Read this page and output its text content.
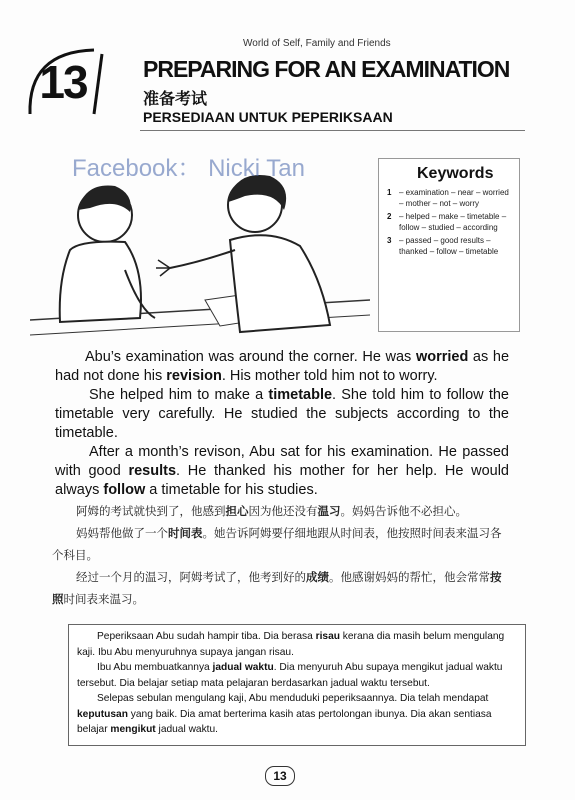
World of Self, Family and Friends
13	PREPARING FOR AN EXAMINATION
准备考试
PERSEDIAAN UNTUK PEPERIKSAAN
Facebook： Nicki Tan	Keywords
1 – examination – near – worried – mother – not – worry
2 – helped – make – timetable – follow – studied – according
3 – passed – good results – thanked – follow – timetable

Abu’s examination was around the corner. He was worried as he had not done his revision. His mother told him not to worry.

She helped him to make a timetable. She told him to follow the timetable very carefully. He studied the subjects according to the timetable.

After a month’s revison, Abu sat for his examination. He passed with good results. He thanked his mother for her help. He would always follow a timetable for his studies.

阿姆的考试就快到了，他感到担心因为他还没有温习。妈妈告诉他不必担心。

妈妈帮他做了一个时间表。她告诉阿姆要仔细地跟从时间表，他按照时间表来温习各个科目。

经过一个月的温习，阿姆考试了，他考到好的成绩。他感谢妈妈的帮忙，他会常常按照时间表来温习。

Peperiksaan Abu sudah hampir tiba. Dia berasa risau kerana dia masih belum mengulang kaji. Ibu Abu menyuruhnya supaya jangan risau.

Ibu Abu membuatkannya jadual waktu. Dia menyuruh Abu supaya mengikut jadual waktu tersebut. Dia belajar setiap mata pelajaran berdasarkan jadual waktu tersebut.

Selepas sebulan mengulang kaji, Abu menduduki peperiksaannya. Dia telah mendapat keputusan yang baik. Dia amat berterima kasih atas pertolongan ibunya. Dia akan sentiasa belajar mengikut jadual waktu.

13
